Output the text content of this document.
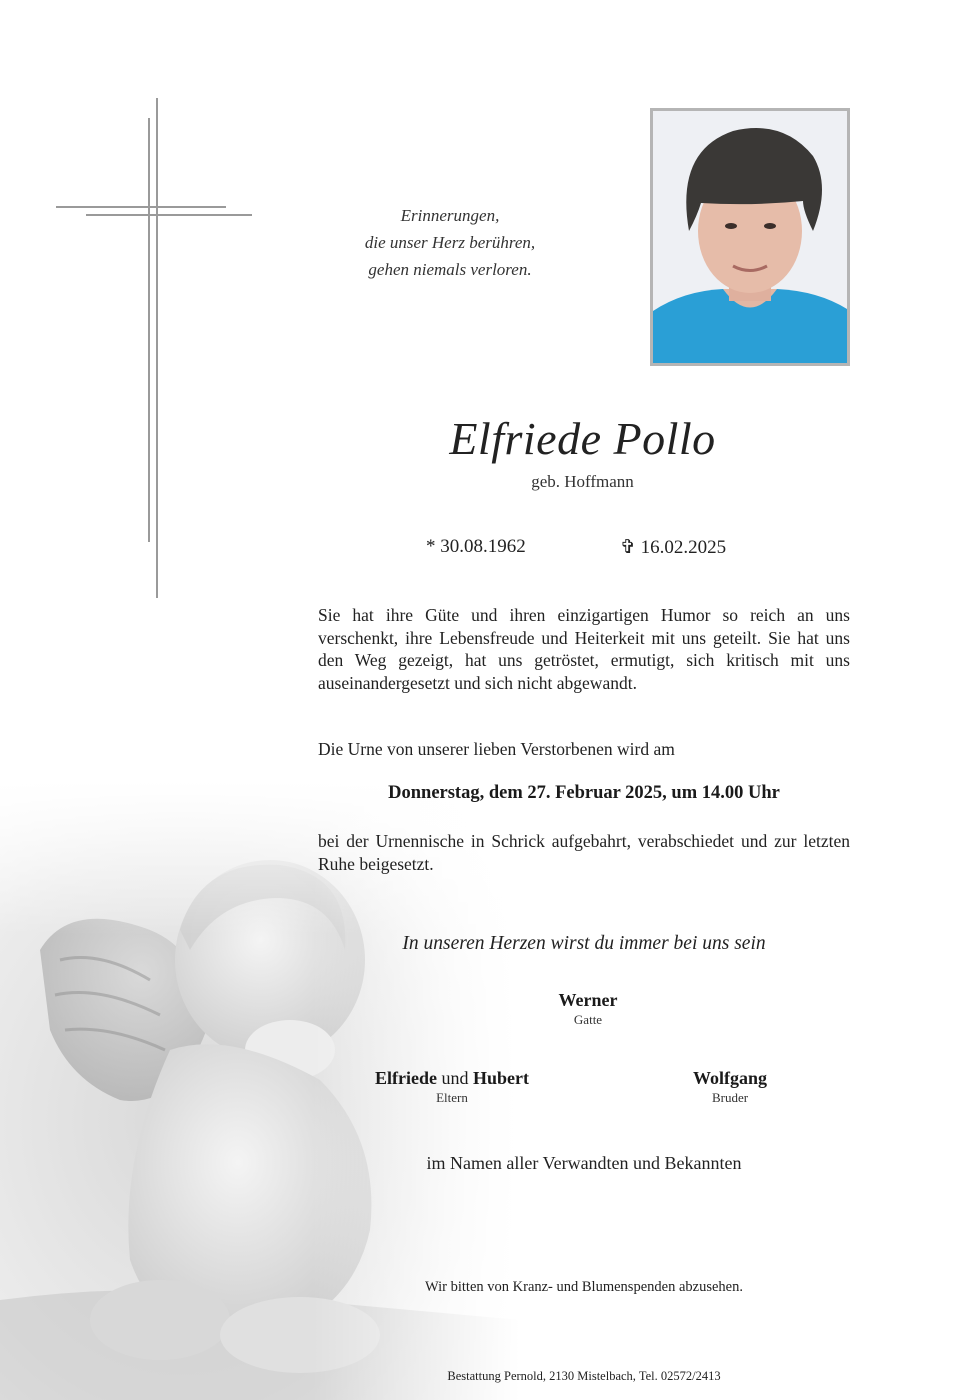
Erinnerungen,
die unser Herz berühren,
gehen niemals verloren.
Elfriede Pollo
geb. Hoffmann
* 30.08.1962	✞ 16.02.2025
Sie hat ihre Güte und ihren einzigartigen Humor so reich an uns verschenkt, ihre Lebensfreude und Heiterkeit mit uns geteilt. Sie hat uns den Weg gezeigt, hat uns getröstet, ermutigt, sich kritisch mit uns auseinandergesetzt und sich nicht abgewandt.
Die Urne von unserer lieben Verstorbenen wird am
Donnerstag, dem 27. Februar 2025, um 14.00 Uhr
bei der Urnennische in Schrick aufgebahrt, verabschiedet und zur letzten Ruhe beigesetzt.
In unseren Herzen wirst du immer bei uns sein
Werner
Gatte
Elfriede und Hubert
Eltern
Wolfgang
Bruder
im Namen aller Verwandten und Bekannten
Wir bitten von Kranz- und Blumenspenden abzusehen.
Bestattung Pernold, 2130 Mistelbach, Tel. 02572/2413
